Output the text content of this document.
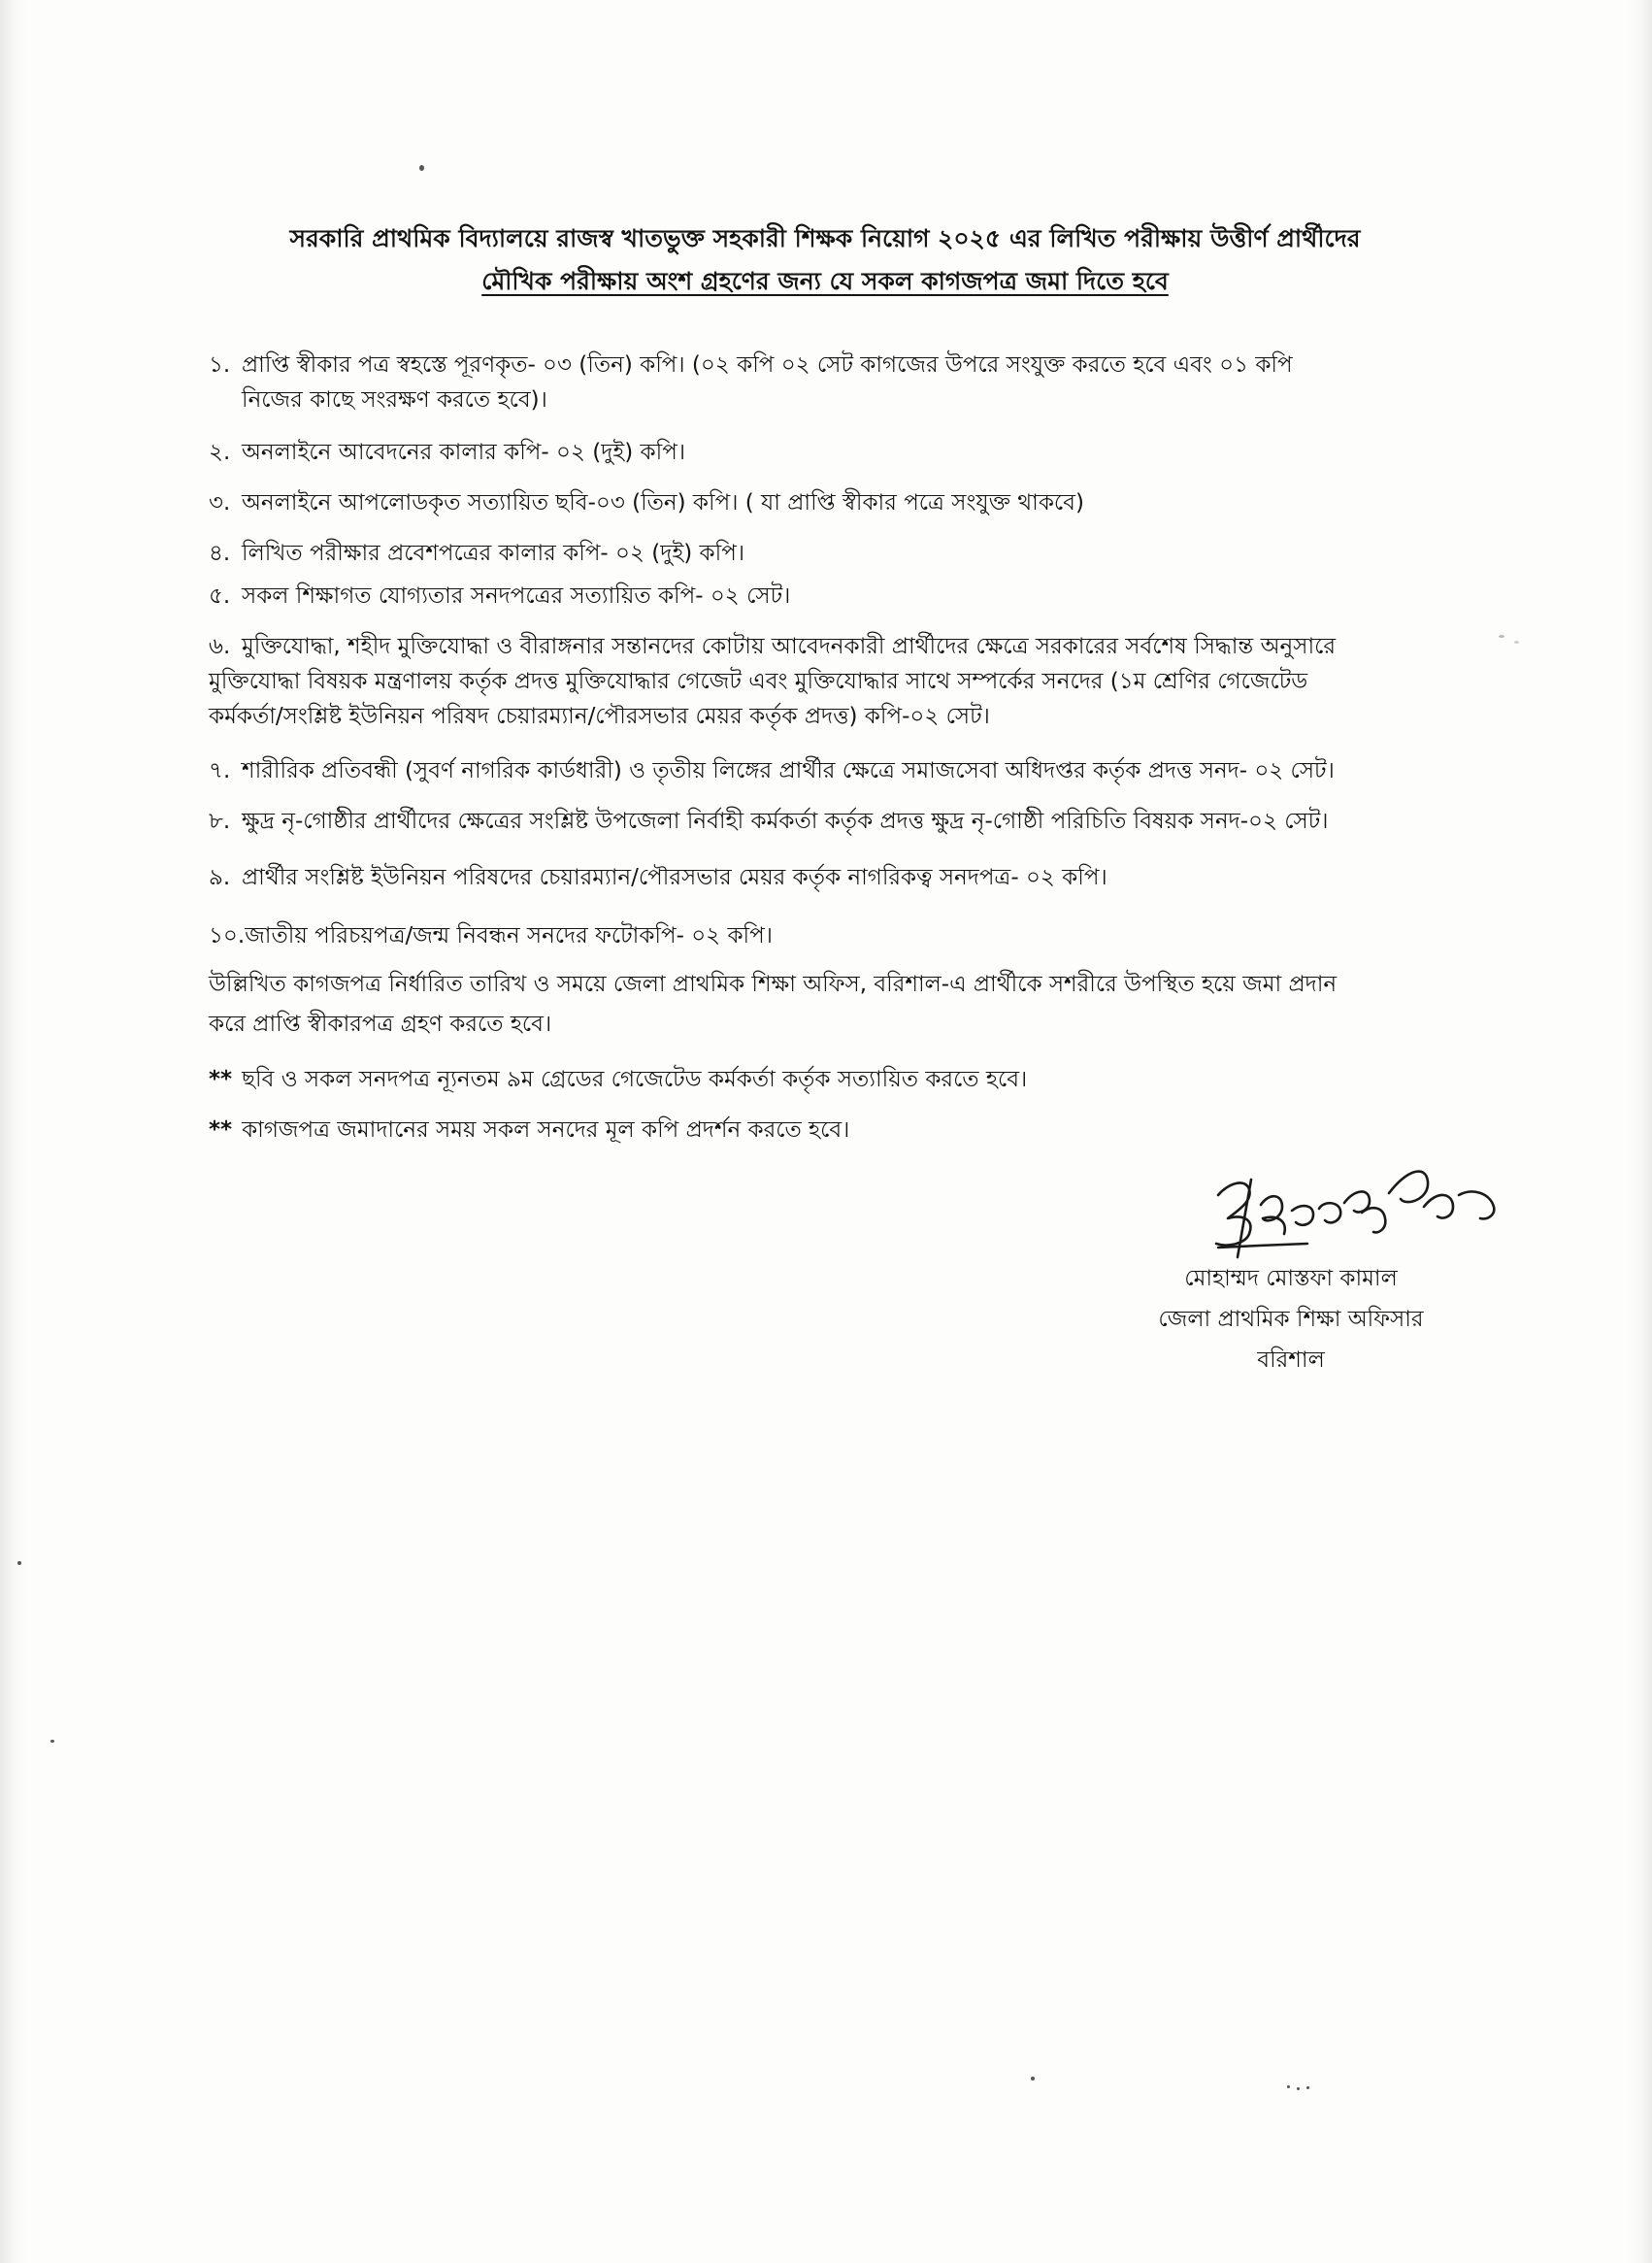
সরকারি প্রাথমিক বিদ্যালয়ে রাজস্ব খাতভুক্ত সহকারী শিক্ষক নিয়োগ ২০২৫ এর লিখিত পরীক্ষায় উত্তীর্ণ প্রার্থীদের
মৌখিক পরীক্ষায় অংশ গ্রহণের জন্য যে সকল কাগজপত্র জমা দিতে হবে
১. প্রাপ্তি স্বীকার পত্র স্বহস্তে পূরণকৃত- ০৩ (তিন) কপি। (০২ কপি ০২ সেট কাগজের উপরে সংযুক্ত করতে হবে এবং ০১ কপি
নিজের কাছে সংরক্ষণ করতে হবে)।
২. অনলাইনে আবেদনের কালার কপি- ০২ (দুই) কপি।
৩. অনলাইনে আপলোডকৃত সত্যায়িত ছবি-০৩ (তিন) কপি। ( যা প্রাপ্তি স্বীকার পত্রে সংযুক্ত থাকবে)
৪. লিখিত পরীক্ষার প্রবেশপত্রের কালার কপি- ০২ (দুই) কপি।
৫. সকল শিক্ষাগত যোগ্যতার সনদপত্রের সত্যায়িত কপি- ০২ সেট।
৬. মুক্তিযোদ্ধা, শহীদ মুক্তিযোদ্ধা ও বীরাঙ্গনার সন্তানদের কোটায় আবেদনকারী প্রার্থীদের ক্ষেত্রে সরকারের সর্বশেষ সিদ্ধান্ত অনুসারে
মুক্তিযোদ্ধা বিষয়ক মন্ত্রণালয় কর্তৃক প্রদত্ত মুক্তিযোদ্ধার গেজেট এবং মুক্তিযোদ্ধার সাথে সম্পর্কের সনদের (১ম শ্রেণির গেজেটেড
কর্মকর্তা/সংশ্লিষ্ট ইউনিয়ন পরিষদ চেয়ারম্যান/পৌরসভার মেয়র কর্তৃক প্রদত্ত) কপি-০২ সেট।
৭. শারীরিক প্রতিবন্ধী (সুবর্ণ নাগরিক কার্ডধারী) ও তৃতীয় লিঙ্গের প্রার্থীর ক্ষেত্রে সমাজসেবা অধিদপ্তর কর্তৃক প্রদত্ত সনদ- ০২ সেট।
৮. ক্ষুদ্র নৃ-গোষ্ঠীর প্রার্থীদের ক্ষেত্রের সংশ্লিষ্ট উপজেলা নির্বাহী কর্মকর্তা কর্তৃক প্রদত্ত ক্ষুদ্র নৃ-গোষ্ঠী পরিচিতি বিষয়ক সনদ-০২ সেট।
৯. প্রার্থীর সংশ্লিষ্ট ইউনিয়ন পরিষদের চেয়ারম্যান/পৌরসভার মেয়র কর্তৃক নাগরিকত্ব সনদপত্র- ০২ কপি।
১০.জাতীয় পরিচয়পত্র/জন্ম নিবন্ধন সনদের ফটোকপি- ০২ কপি।
উল্লিখিত কাগজপত্র নির্ধারিত তারিখ ও সময়ে জেলা প্রাথমিক শিক্ষা অফিস, বরিশাল-এ প্রার্থীকে সশরীরে উপস্থিত হয়ে জমা প্রদান
করে প্রাপ্তি স্বীকারপত্র গ্রহণ করতে হবে।
** ছবি ও সকল সনদপত্র ন্যূনতম ৯ম গ্রেডের গেজেটেড কর্মকর্তা কর্তৃক সত্যায়িত করতে হবে।
** কাগজপত্র জমাদানের সময় সকল সনদের মূল কপি প্রদর্শন করতে হবে।
মোহাম্মদ মোস্তফা কামাল
জেলা প্রাথমিক শিক্ষা অফিসার
বরিশাল
